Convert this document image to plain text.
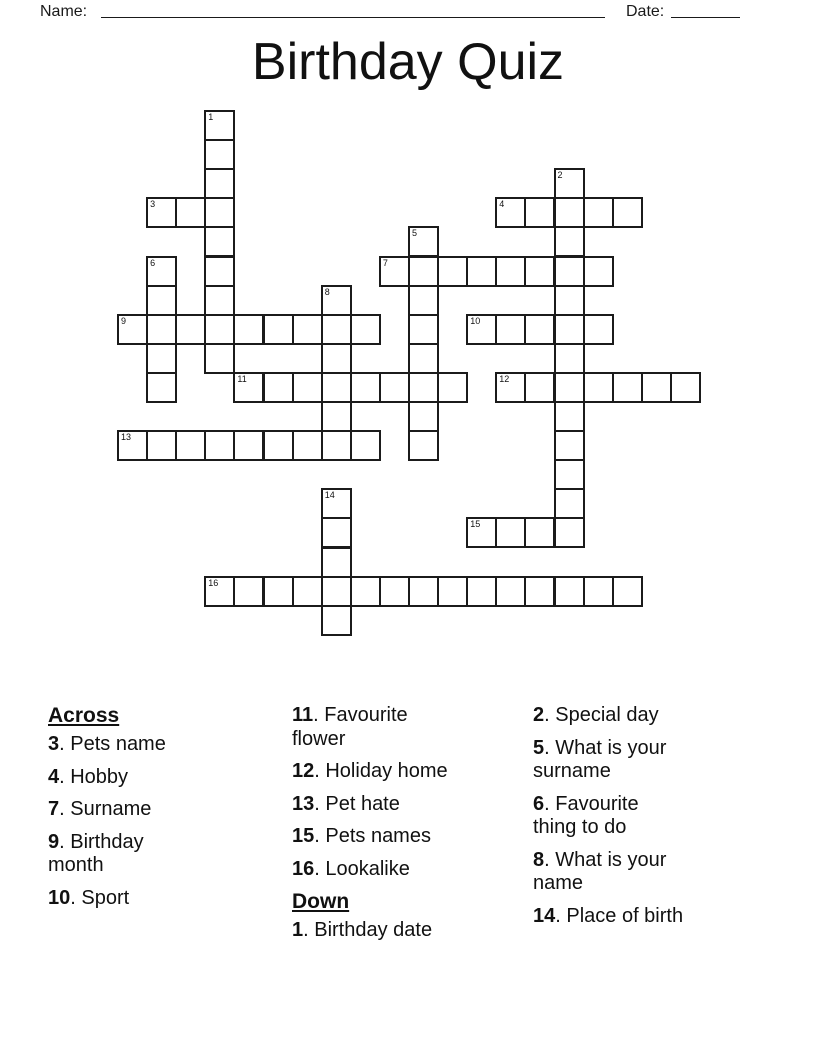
Name:	Date:
Birthday Quiz
1
2
3	4
5
6	7
8
9	10
11	12
13
14
15
16
Across
3. Pets name
4. Hobby
7. Surname
9. Birthday
month
10. Sport
11. Favourite
flower
12. Holiday home
13. Pet hate
15. Pets names
16. Lookalike
Down
1. Birthday date
2. Special day
5. What is your
surname
6. Favourite
thing to do
8. What is your
name
14. Place of birth
